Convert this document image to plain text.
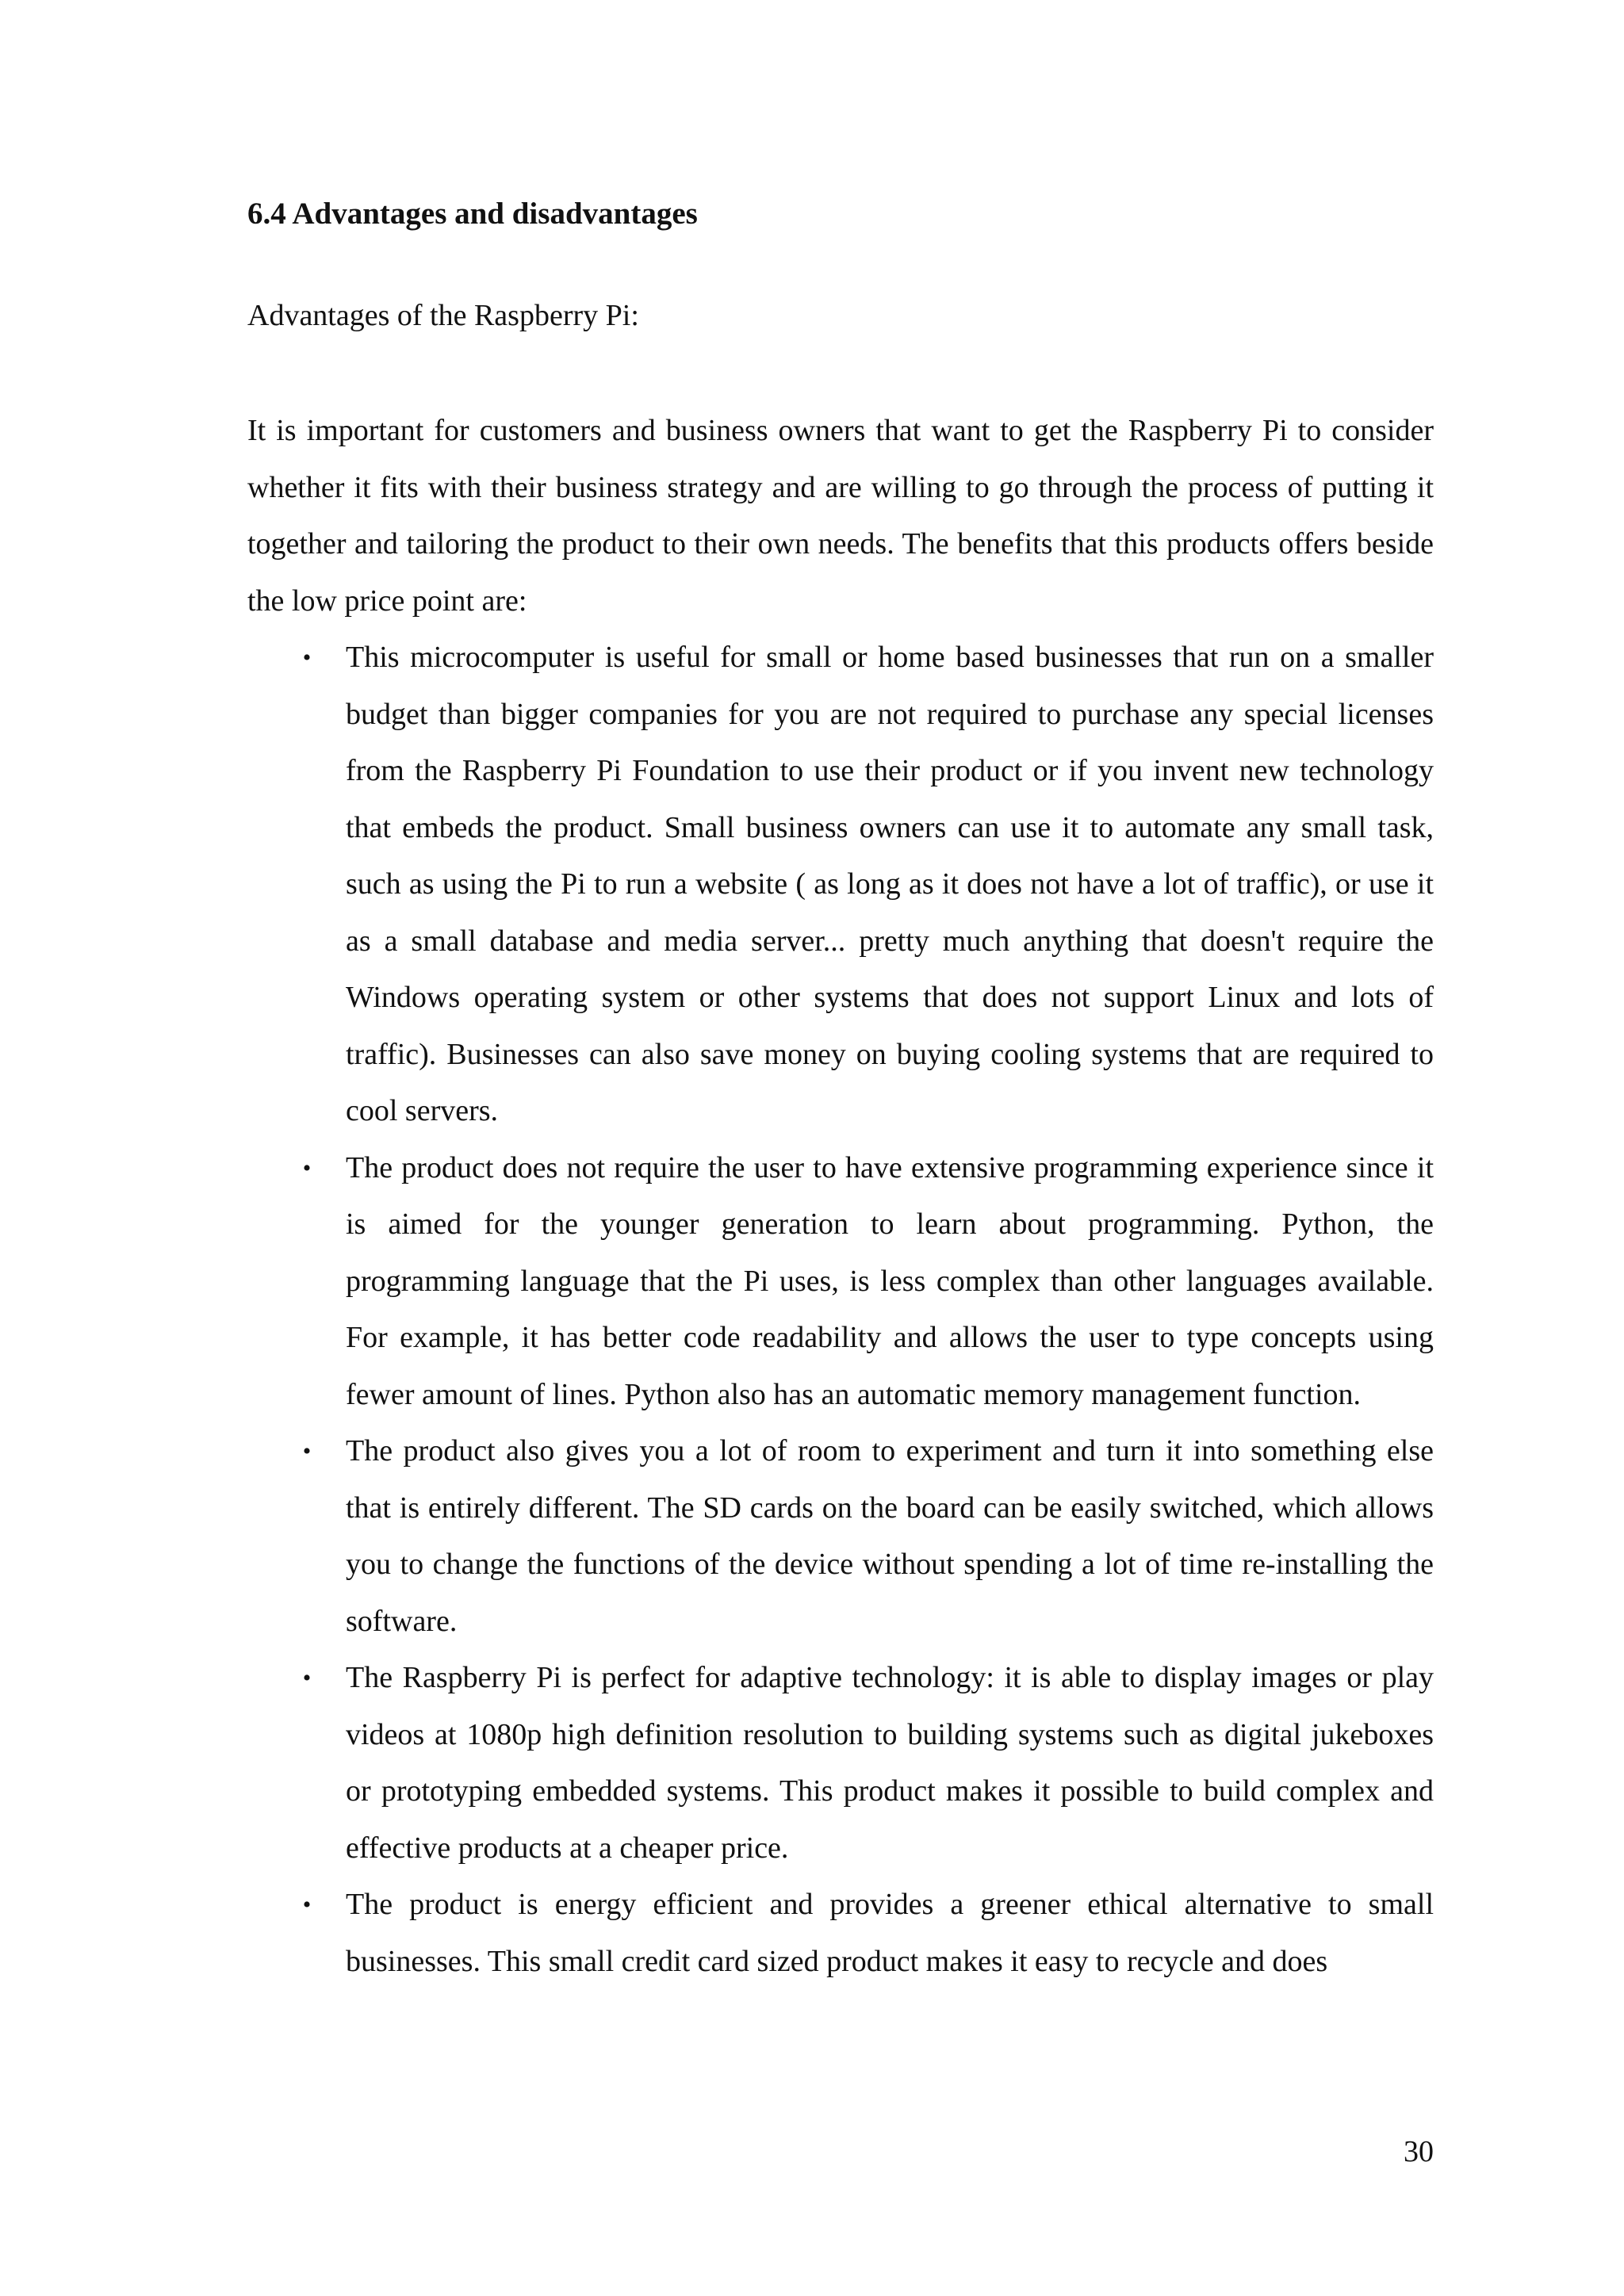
6.4 Advantages and disadvantages
Advantages of the Raspberry Pi:

It is important for customers and business owners that want to get the Raspberry Pi to consider whether it fits with their business strategy and are willing to go through the process of putting it together and tailoring the product to their own needs. The benefits that this products offers beside the low price point are:

• This microcomputer is useful for small or home based businesses that run on a smaller budget than bigger companies for you are not required to purchase any special licenses from the Raspberry Pi Foundation to use their product or if you invent new technology that embeds the product. Small business owners can use it to automate any small task, such as using the Pi to run a website ( as long as it does not have a lot of traffic), or use it as a small database and media server... pretty much anything that doesn't require the Windows operating system or other systems that does not support Linux and lots of traffic). Businesses can also save money on buying cooling systems that are required to cool servers.
• The product does not require the user to have extensive programming experience since it is aimed for the younger generation to learn about programming. Python, the programming language that the Pi uses, is less complex than other languages available. For example, it has better code readability and allows the user to type concepts using fewer amount of lines. Python also has an automatic memory management function.
• The product also gives you a lot of room to experiment and turn it into something else that is entirely different. The SD cards on the board can be easily switched, which allows you to change the functions of the device without spending a lot of time re-installing the software.
• The Raspberry Pi is perfect for adaptive technology: it is able to display images or play videos at 1080p high definition resolution to building systems such as digital jukeboxes or prototyping embedded systems. This product makes it possible to build complex and effective products at a cheaper price.
• The product is energy efficient and provides a greener ethical alternative to small businesses. This small credit card sized product makes it easy to recycle and does
30
